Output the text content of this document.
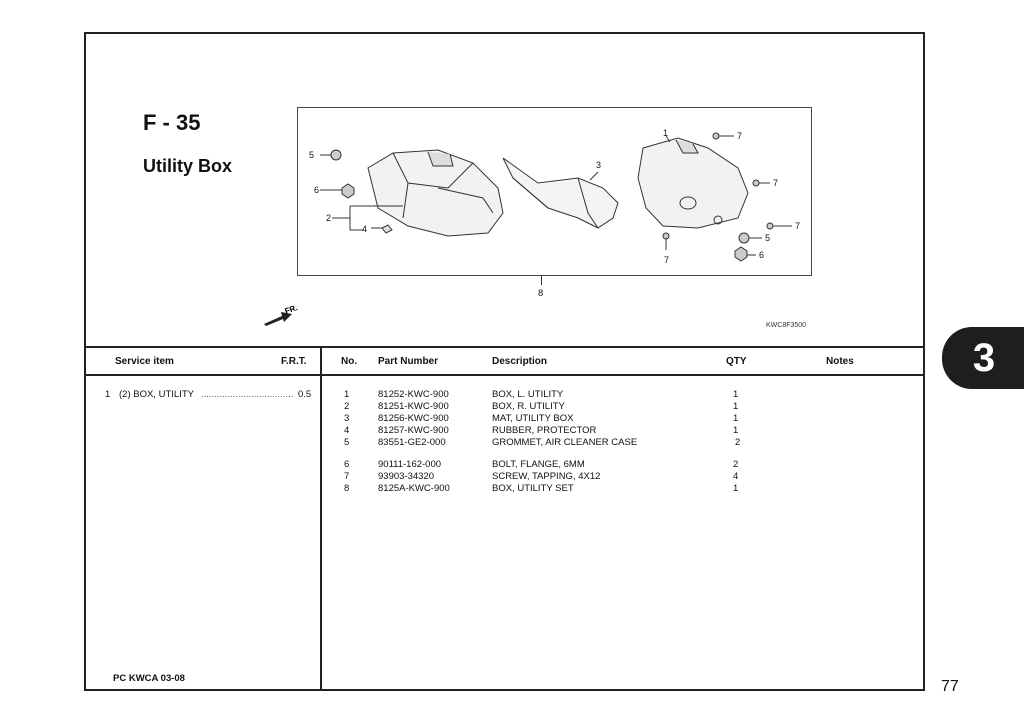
F - 35
Utility Box
5
6
2
4
3
1	7
7
7
7
5
6
8
FR.
KWC8F3500
Service item	F.R.T.	No. Part Number	Description	QTY	Notes
1 (2) BOX, UTILITY ................................... 0.5	1	81252-KWC-900	BOX, L. UTILITY	1
2	81251-KWC-900	BOX, R. UTILITY	1
3	81256-KWC-900	MAT, UTILITY BOX	1
4	81257-KWC-900	RUBBER, PROTECTOR	1
5	83551-GE2-000	GROMMET, AIR CLEANER CASE	2
6	90111-162-000	BOLT, FLANGE, 6MM	2
7	93903-34320	SCREW, TAPPING, 4X12	4
8	8125A-KWC-900	BOX, UTILITY SET	1
PC KWCA 03-08
3
77
